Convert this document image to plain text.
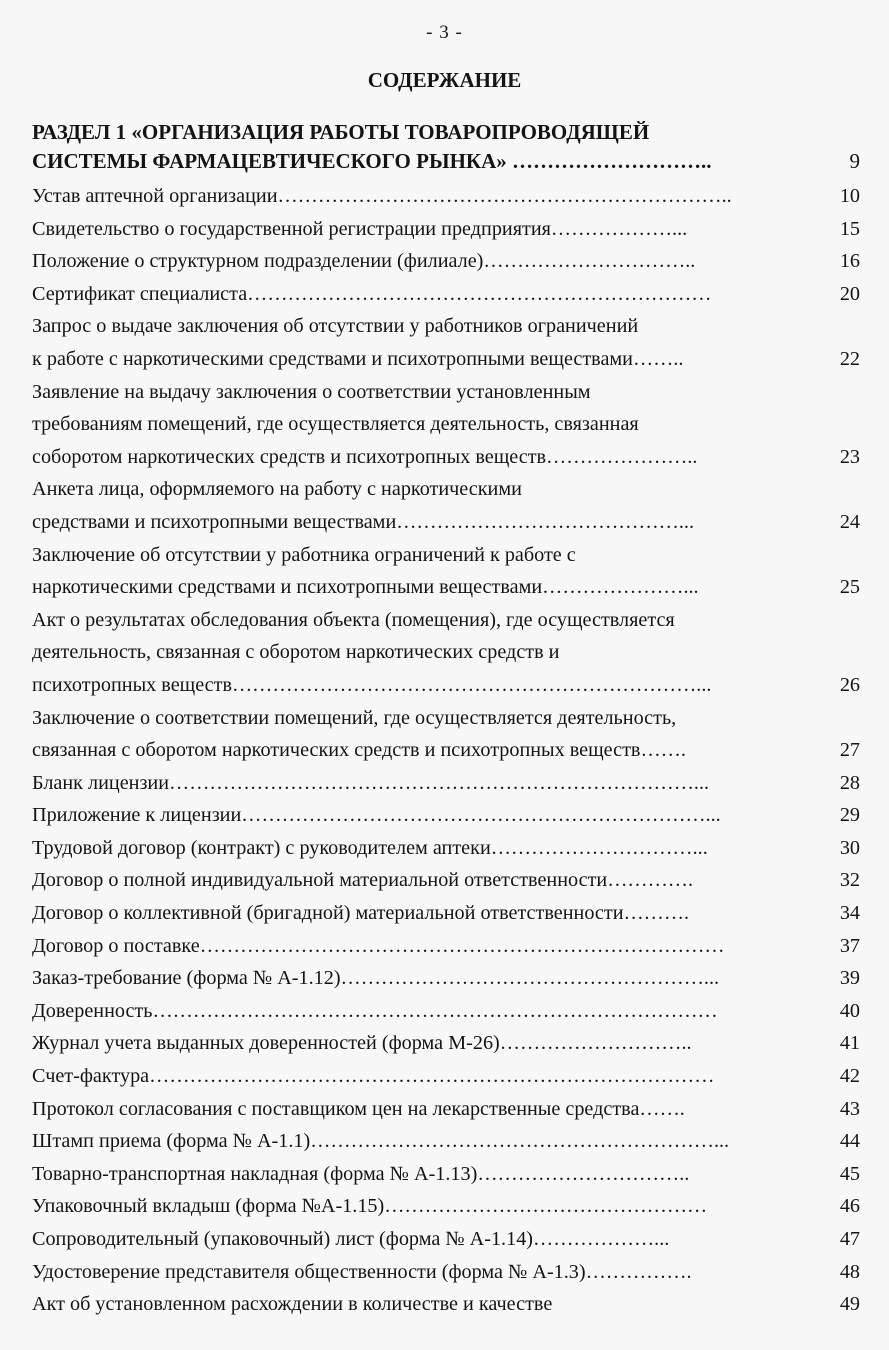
- 3 -
СОДЕРЖАНИЕ
РАЗДЕЛ 1 «ОРГАНИЗАЦИЯ РАБОТЫ ТОВАРОПРОВОДЯЩЕЙ
СИСТЕМЫ ФАРМАЦЕВТИЧЕСКОГО РЫНКА» ………………………..	9
Устав аптечной организации…………………………………………………………..	10
Свидетельство о государственной регистрации предприятия………………...	15
Положение о структурном подразделении (филиале)…………………………..	16
Сертификат специалиста……………………………………………………………	20
Запрос о выдаче заключения об отсутствии у работников ограничений
к работе с наркотическими средствами и психотропными веществами……..	22
Заявление на выдачу заключения о соответствии установленным
требованиям помещений, где осуществляется деятельность, связанная
соборотом наркотических средств и психотропных веществ…………………..	23
Анкета лица, оформляемого на работу с наркотическими
средствами и психотропными веществами……………………………………...	24
Заключение об отсутствии у работника ограничений к работе с
наркотическими средствами и психотропными веществами…………………...	25
Акт о результатах обследования объекта (помещения), где осуществляется
деятельность, связанная с оборотом наркотических средств и
психотропных веществ……………………………………………………………...	26
Заключение о соответствии помещений, где осуществляется деятельность,
связанная с оборотом наркотических средств и психотропных веществ…….	27
Бланк лицензии……………………………………………………………………...	28
Приложение к лицензии……………………………………………………………...	29
Трудовой договор (контракт) с руководителем аптеки…………………………...	30
Договор о полной индивидуальной материальной ответственности………….	32
Договор о коллективной (бригадной) материальной ответственности……….	34
Договор о поставке……………………………………………………………………	37
Заказ-требование (форма № А-1.12)………………………………………………...	39
Доверенность…………………………………………………………………………	40
Журнал учета выданных доверенностей (форма М-26)………………………..	41
Счет-фактура…………………………………………………………………………	42
Протокол согласования с поставщиком цен на лекарственные средства…….	43
Штамп приема (форма № А-1.1)……………………………………………………...	44
Товарно-транспортная накладная (форма № А-1.13)…………………………..	45
Упаковочный вкладыш (форма №А-1.15)…………………………………………	46
Сопроводительный (упаковочный) лист (форма № А-1.14)………………...	47
Удостоверение представителя общественности (форма № А-1.3)…………….	48
Акт об установленном расхождении в количестве и качестве	49
